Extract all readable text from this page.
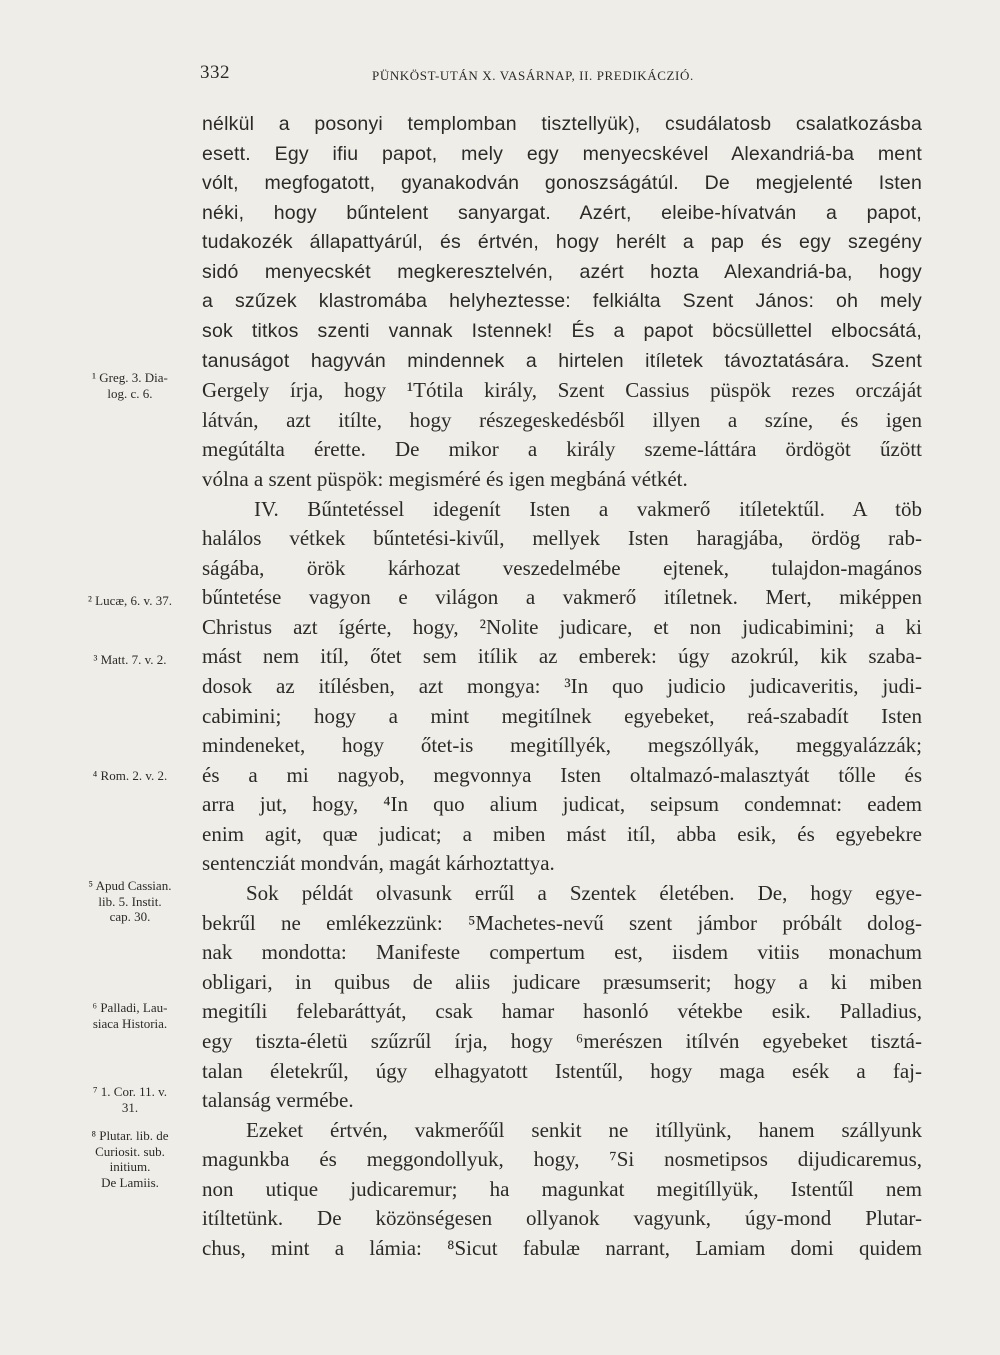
332	PÜNKÖST-UTÁN X. VASÁRNAP, II. PREDIKÁCZIÓ.
nélkül a posonyi templomban tisztellyük), csudálatosb csalatkozásba
esett. Egy ifiu papot, mely egy menyecskével Alexandriá-ba ment
vólt, megfogatott, gyanakodván gonoszságátúl. De megjelenté Isten
néki, hogy bűntelent sanyargat. Azért, eleibe-hívatván a papot,
tudakozék állapattyárúl, és értvén, hogy herélt a pap és egy szegény
sidó menyecskét megkeresztelvén, azért hozta Alexandriá-ba, hogy
a szűzek klastromába helyheztesse: felkiálta Szent János: oh mely
sok titkos szenti vannak Istennek! És a papot böcsüllettel elbocsátá,
tanuságot hagyván mindennek a hirtelen itíletek távoztatására. Szent
Gergely írja, hogy ¹Tótila király, Szent Cassius püspök rezes orczáját
látván, azt itílte, hogy részegeskedésből illyen a színe, és igen
megútálta érette. De mikor a király szeme-láttára ördögöt űzött
vólna a szent püspök: megisméré és igen megbáná vétkét.
IV. Bűntetéssel idegenít Isten a vakmerő itíletektűl. A töb
halálos vétkek bűntetési-kivűl, mellyek Isten haragjába, ördög rab-
ságába, örök kárhozat veszedelmébe ejtenek, tulajdon-magános
bűntetése vagyon e világon a vakmerő itíletnek. Mert, miképpen
Christus azt ígérte, hogy, ²Nolite judicare, et non judicabimini; a ki
mást nem itíl, őtet sem itílik az emberek: úgy azokrúl, kik szaba-
dosok az itílésben, azt mongya: ³In quo judicio judicaveritis, judi-
cabimini; hogy a mint megitílnek egyebeket, reá-szabadít Isten
mindeneket, hogy őtet-is megitíllyék, megszóllyák, meggyalázzák;
és a mi nagyob, megvonnya Isten oltalmazó-malasztyát tőlle és
arra jut, hogy, ⁴In quo alium judicat, seipsum condemnat: eadem
enim agit, quæ judicat; a miben mást itíl, abba esik, és egyebekre
sentencziát mondván, magát kárhoztattya.
Sok példát olvasunk errűl a Szentek életében. De, hogy egye-
bekrűl ne emlékezzünk: ⁵Machetes-nevű szent jámbor próbált dolog-
nak mondotta: Manifeste compertum est, iisdem vitiis monachum
obligari, in quibus de aliis judicare præsumserit; hogy a ki miben
megitíli felebaráttyát, csak hamar hasonló vétekbe esik. Palladius,
egy tiszta-életü szűzrűl írja, hogy ⁶merészen itílvén egyebeket tisztá-
talan életekrűl, úgy elhagyatott Istentűl, hogy maga esék a faj-
talanság vermébe.
Ezeket értvén, vakmerőűl senkit ne itíllyünk, hanem szállyunk
magunkba és meggondollyuk, hogy, ⁷Si nosmetipsos dijudicaremus,
non utique judicaremur; ha magunkat megitíllyük, Istentűl nem
itíltetünk. De közönségesen ollyanok vagyunk, úgy-mond Plutar-
chus, mint a lámia: ⁸Sicut fabulæ narrant, Lamiam domi quidem
¹ Greg. 3. Dia-
log. c. 6.
² Lucæ, 6. v. 37.
³ Matt. 7. v. 2.
⁴ Rom. 2. v. 2.
⁵ Apud Cassian.
lib. 5. Instit.
cap. 30.
⁶ Palladi, Lau-
siaca Historia.
⁷ 1. Cor. 11. v.
31.
⁸ Plutar. lib. de
Curiosit. sub.
initium.
De Lamiis.
